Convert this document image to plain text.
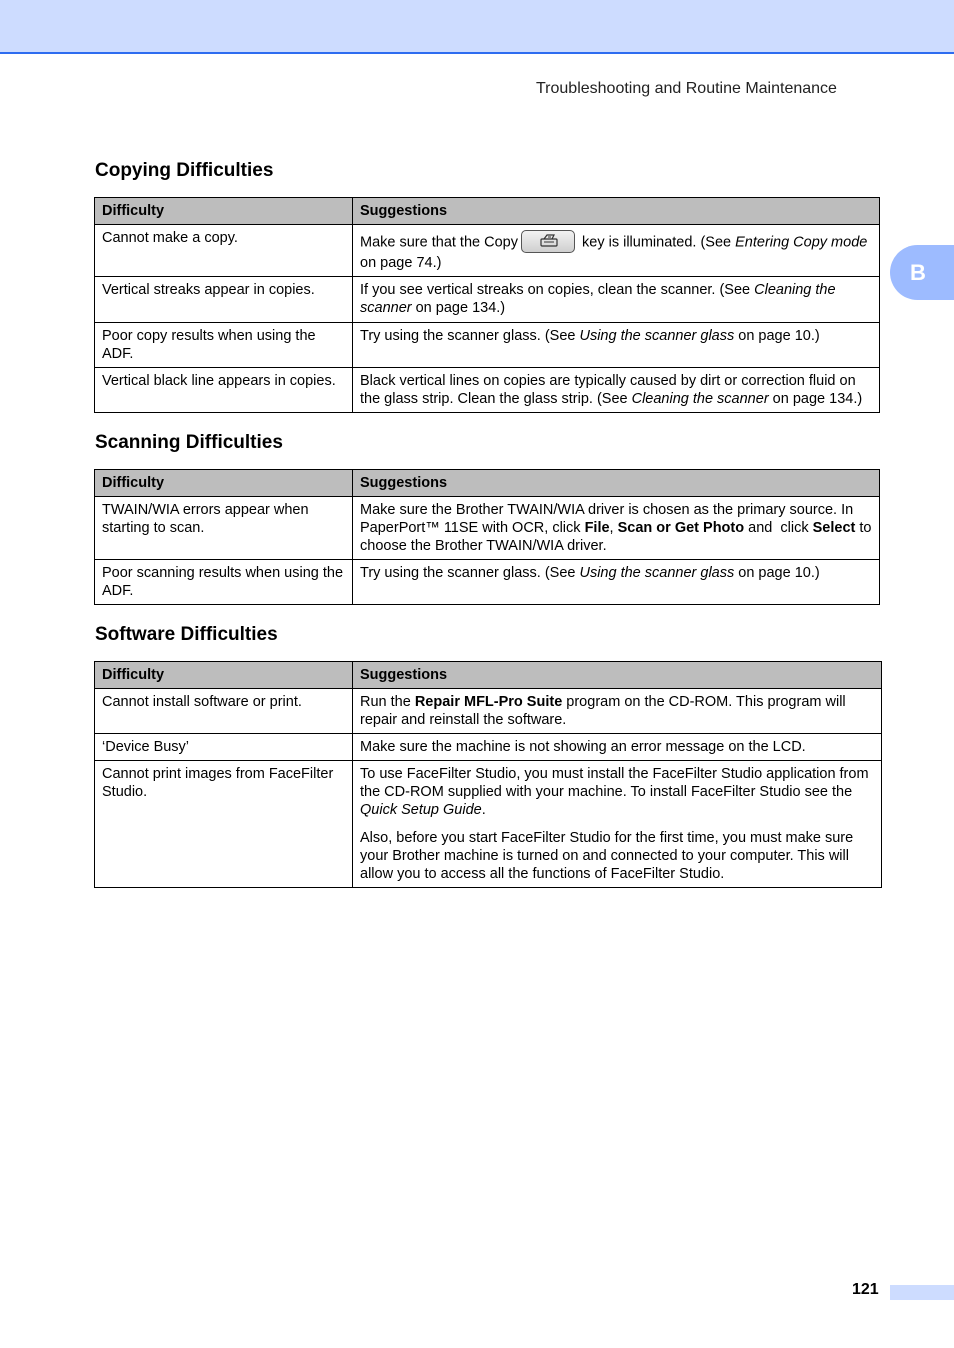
Troubleshooting and Routine Maintenance
B
Copying Difficulties
Difficulty	Suggestions
Cannot make a copy.	Make sure that the Copy key is illuminated. (See Entering Copy mode on page 74.)
Vertical streaks appear in copies.	If you see vertical streaks on copies, clean the scanner. (See Cleaning the scanner on page 134.)
Poor copy results when using the ADF.	Try using the scanner glass. (See Using the scanner glass on page 10.)
Vertical black line appears in copies.	Black vertical lines on copies are typically caused by dirt or correction fluid on the glass strip. Clean the glass strip. (See Cleaning the scanner on page 134.)
Scanning Difficulties
Difficulty	Suggestions
TWAIN/WIA errors appear when starting to scan.	Make sure the Brother TWAIN/WIA driver is chosen as the primary source. In PaperPort™ 11SE with OCR, click File, Scan or Get Photo and  click Select to choose the Brother TWAIN/WIA driver.
Poor scanning results when using the ADF.	Try using the scanner glass. (See Using the scanner glass on page 10.)
Software Difficulties
Difficulty	Suggestions
Cannot install software or print.	Run the Repair MFL-Pro Suite program on the CD-ROM. This program will repair and reinstall the software.
‘Device Busy’	Make sure the machine is not showing an error message on the LCD.
Cannot print images from FaceFilter Studio.	To use FaceFilter Studio, you must install the FaceFilter Studio application from the CD-ROM supplied with your machine. To install FaceFilter Studio see the Quick Setup Guide.

Also, before you start FaceFilter Studio for the first time, you must make sure your Brother machine is turned on and connected to your computer. This will allow you to access all the functions of FaceFilter Studio.

121
